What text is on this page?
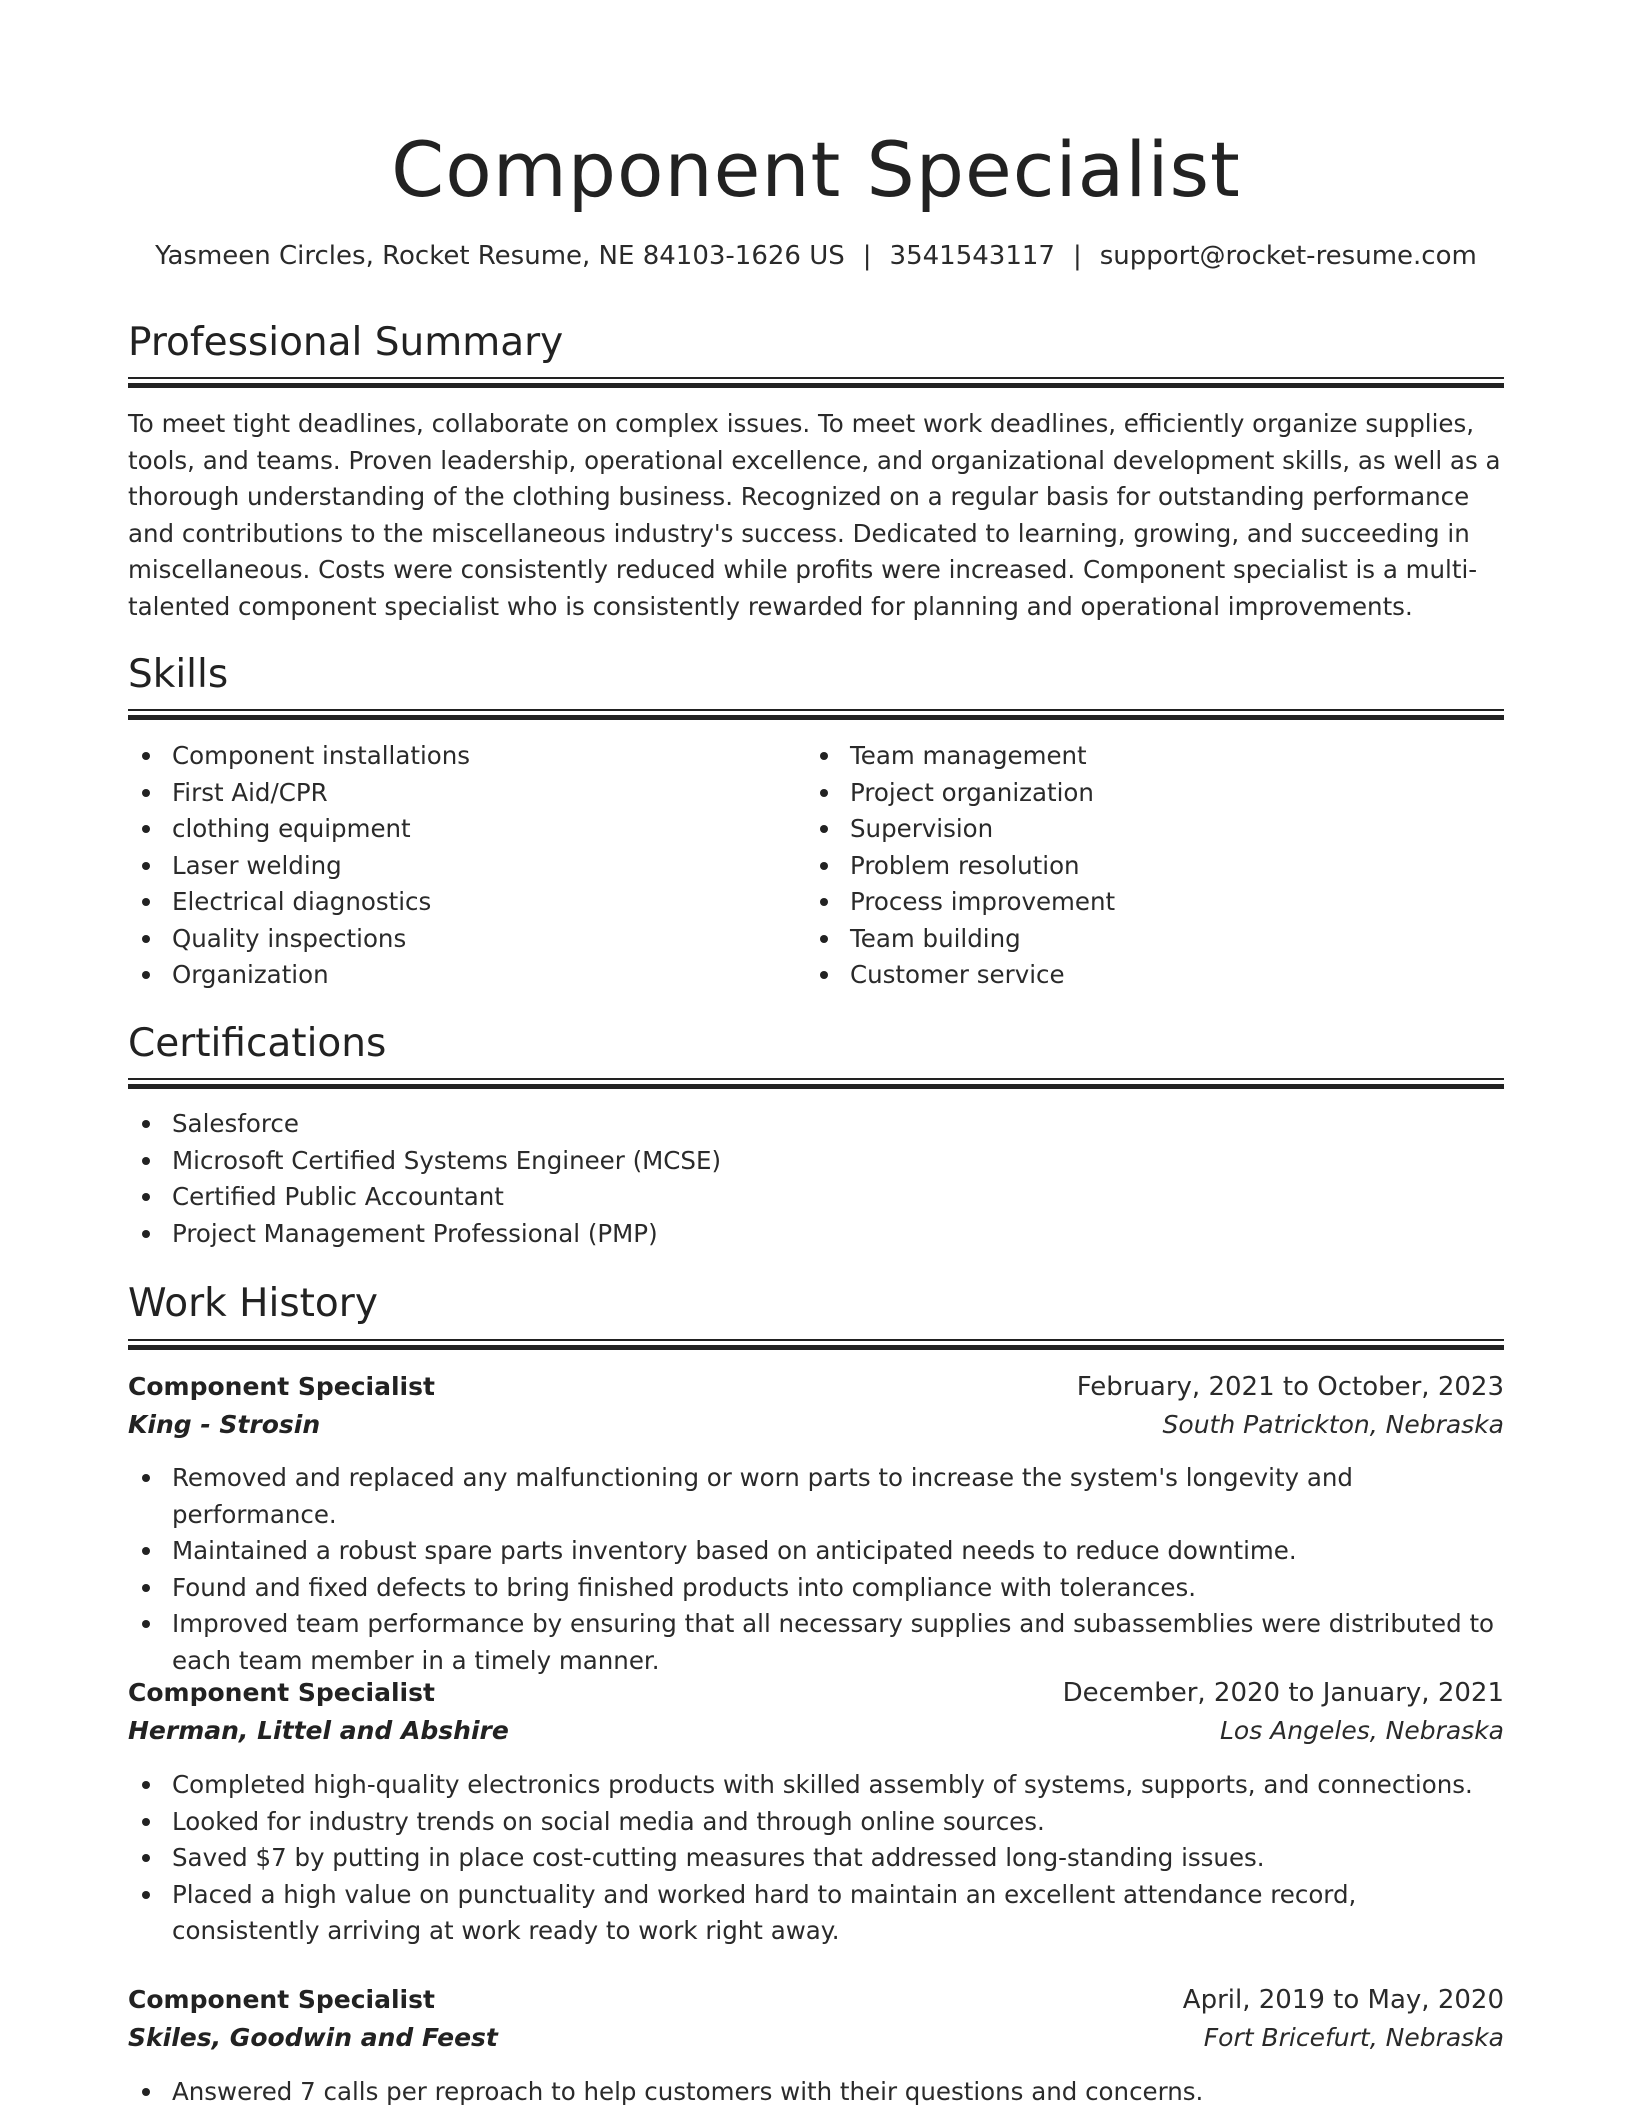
Component Specialist
Yasmeen Circles, Rocket Resume, NE 84103-1626 US | 3541543117 | support@rocket-resume.com
Professional Summary

To meet tight deadlines, collaborate on complex issues. To meet work deadlines, efficiently organize supplies, tools, and teams. Proven leadership, operational excellence, and organizational development skills, as well as a thorough understanding of the clothing business. Recognized on a regular basis for outstanding performance and contributions to the miscellaneous industry's success. Dedicated to learning, growing, and succeeding in miscellaneous. Costs were consistently reduced while profits were increased. Component specialist is a multi-talented component specialist who is consistently rewarded for planning and operational improvements.

Skills
Component installations
First Aid/CPR
clothing equipment
Laser welding
Electrical diagnostics
Quality inspections
Organization
Team management
Project organization
Supervision
Problem resolution
Process improvement
Team building
Customer service
Certifications
Salesforce
Microsoft Certified Systems Engineer (MCSE)
Certified Public Accountant
Project Management Professional (PMP)
Work History
Component Specialist	February, 2021 to October, 2023
King - Strosin	South Patrickton, Nebraska
Removed and replaced any malfunctioning or worn parts to increase the system's longevity and performance.
Maintained a robust spare parts inventory based on anticipated needs to reduce downtime.
Found and fixed defects to bring finished products into compliance with tolerances.
Improved team performance by ensuring that all necessary supplies and subassemblies were distributed to each team member in a timely manner.
Component Specialist	December, 2020 to January, 2021
Herman, Littel and Abshire	Los Angeles, Nebraska
Completed high-quality electronics products with skilled assembly of systems, supports, and connections.
Looked for industry trends on social media and through online sources.
Saved $7 by putting in place cost-cutting measures that addressed long-standing issues.
Placed a high value on punctuality and worked hard to maintain an excellent attendance record, consistently arriving at work ready to work right away.
Component Specialist	April, 2019 to May, 2020
Skiles, Goodwin and Feest	Fort Bricefurt, Nebraska
Answered 7 calls per reproach to help customers with their questions and concerns.
